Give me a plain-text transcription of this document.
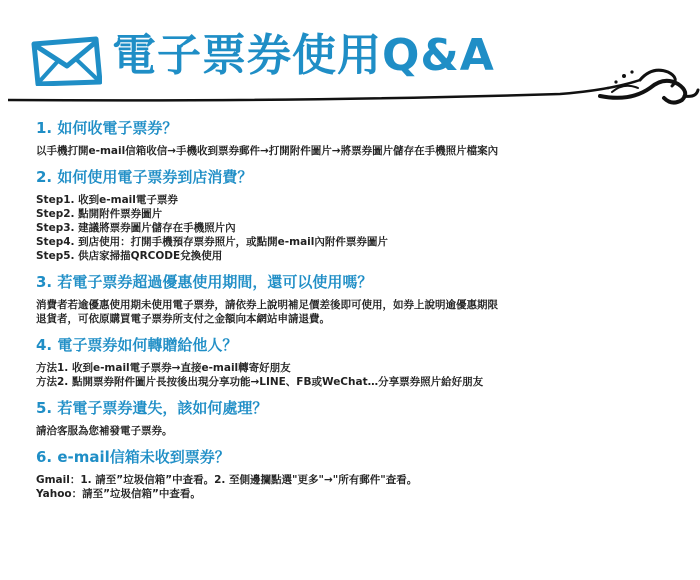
電子票券使用Q&A
1. 如何收電子票券？
以手機打開e-mail信箱收信→手機收到票券郵件→打開附件圖片→將票券圖片儲存在手機照片檔案內
2. 如何使用電子票券到店消費？
Step1. 收到e-mail電子票券
Step2. 點開附件票券圖片
Step3. 建議將票券圖片儲存在手機照片內
Step4. 到店使用：打開手機預存票券照片，或點開e-mail內附件票券圖片
Step5. 供店家掃描QRCODE兌換使用
3. 若電子票券超過優惠使用期間，還可以使用嗎？
消費者若逾優惠使用期未使用電子票券，請依券上說明補足價差後即可使用，如券上說明逾優惠期限
退貨者，可依原購買電子票券所支付之金額向本網站申請退費。
4. 電子票券如何轉贈給他人？
方法1. 收到e-mail電子票券→直接e-mail轉寄好朋友
方法2. 點開票券附件圖片長按後出現分享功能→LINE、FB或WeChat…分享票券照片給好朋友
5. 若電子票券遺失，該如何處理？
請洽客服為您補發電子票券。
6. e-mail信箱未收到票券？
Gmail：1. 請至”垃圾信箱”中查看。2. 至側邊攔點選"更多"→"所有郵件"查看。
Yahoo：請至”垃圾信箱”中查看。
